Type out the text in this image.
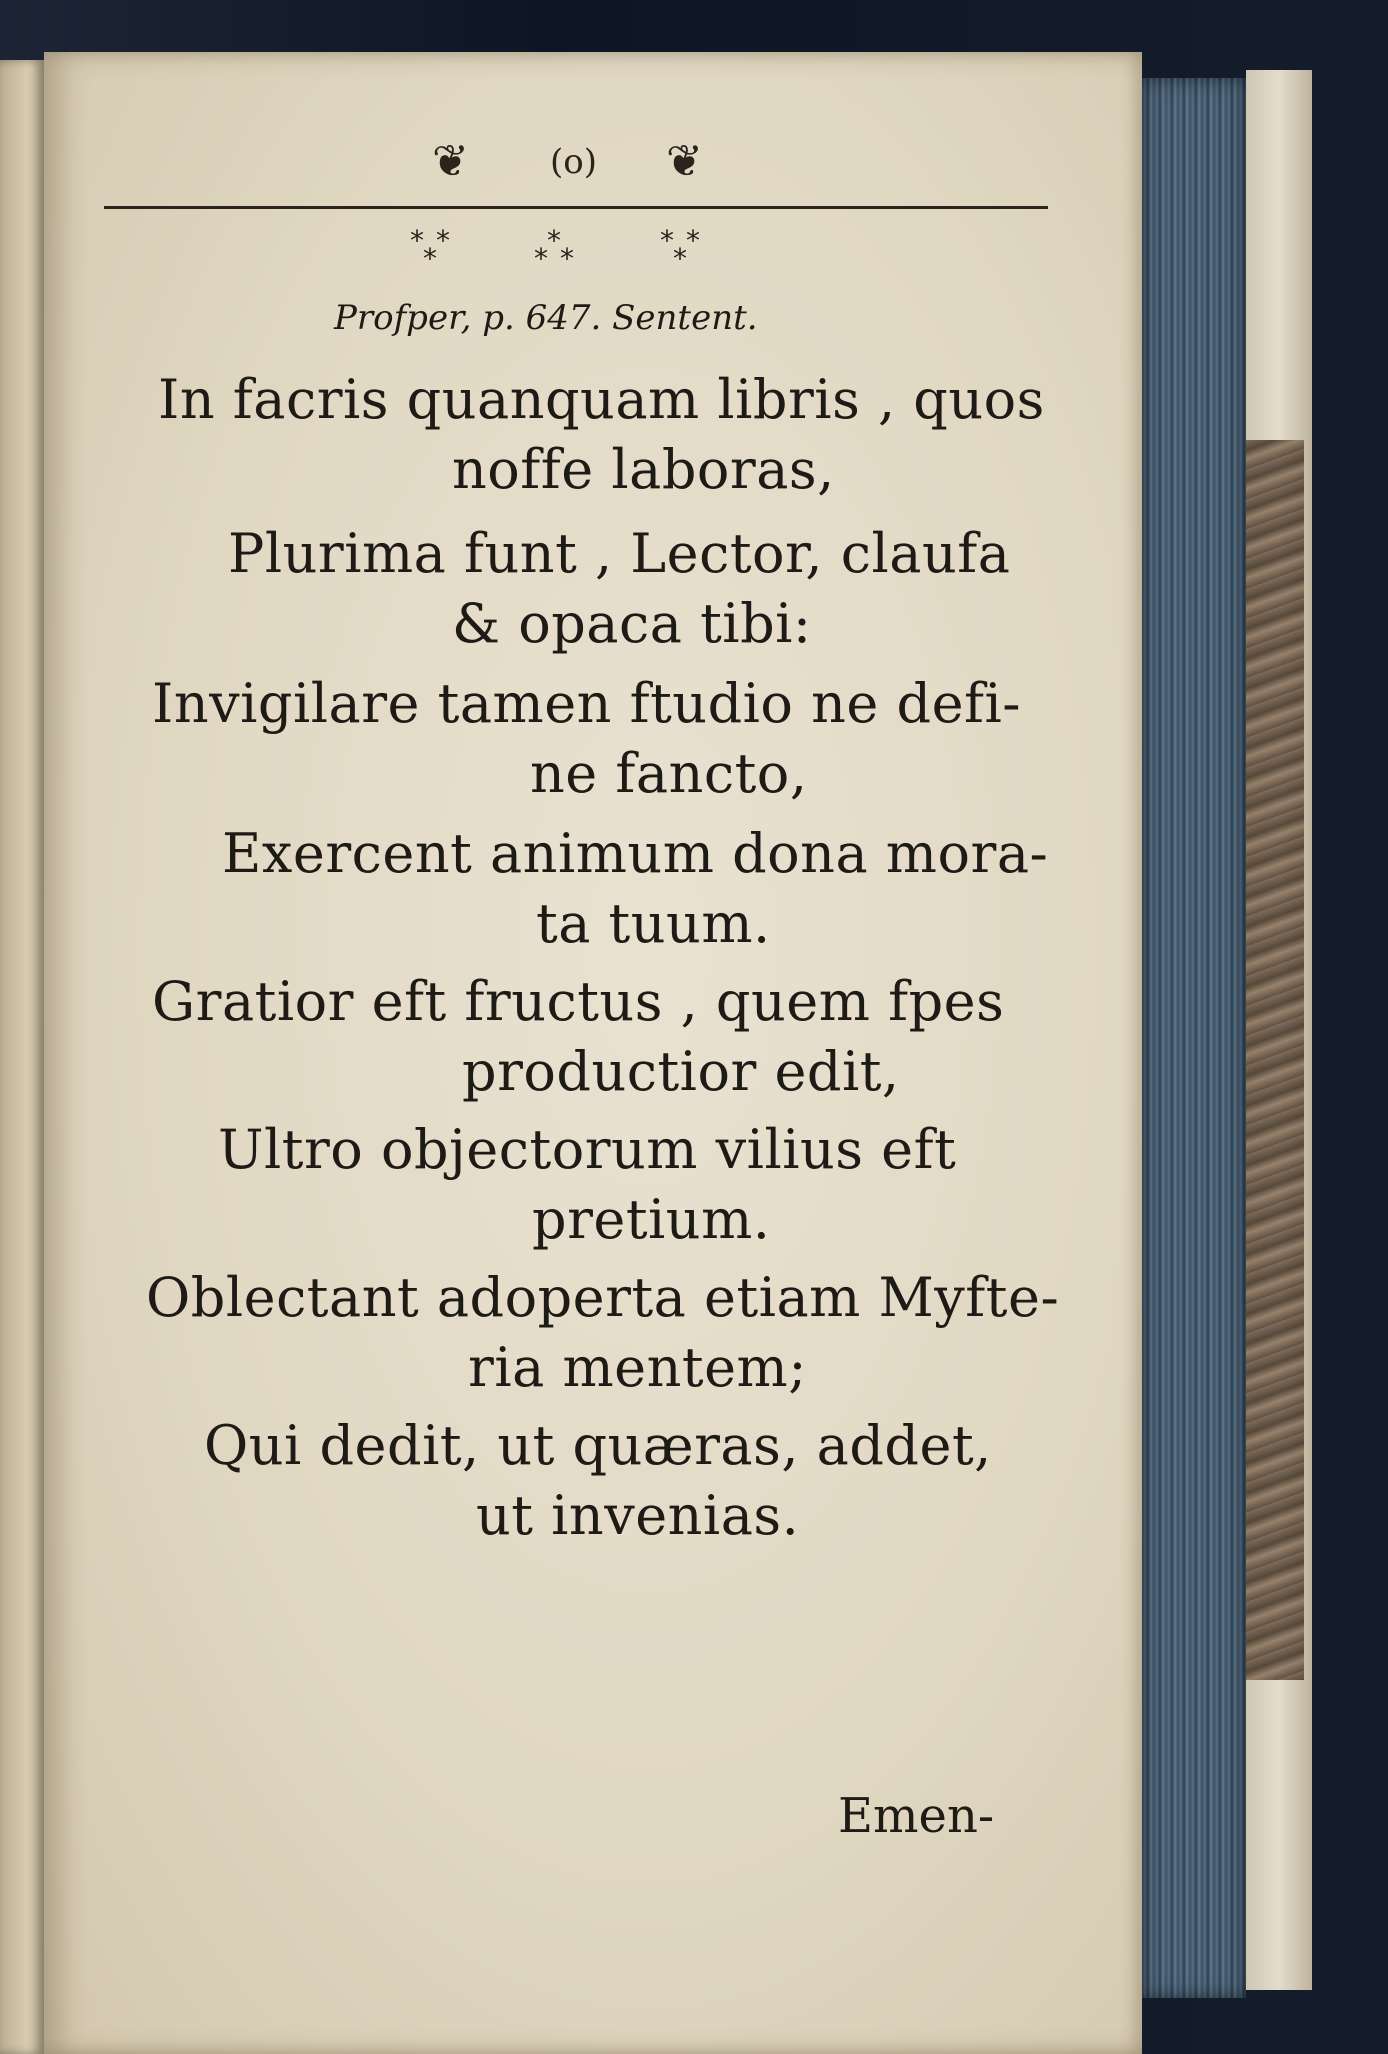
❦ (o) ❦
* *
*
*
* *
* *
*
Profper, p. 647. Sentent.
In facris quanquam libris , quos
noffe laboras,
Plurima funt , Lector, claufa
& opaca tibi:
Invigilare tamen ftudio ne defi-
ne fancto,
Exercent animum dona mora-
ta tuum.
Gratior eft fructus , quem fpes
productior edit,
Ultro objectorum vilius eft
pretium.
Oblectant adoperta etiam Myfte-
ria mentem;
Qui dedit, ut quæras, addet,
ut invenias.
Emen-
